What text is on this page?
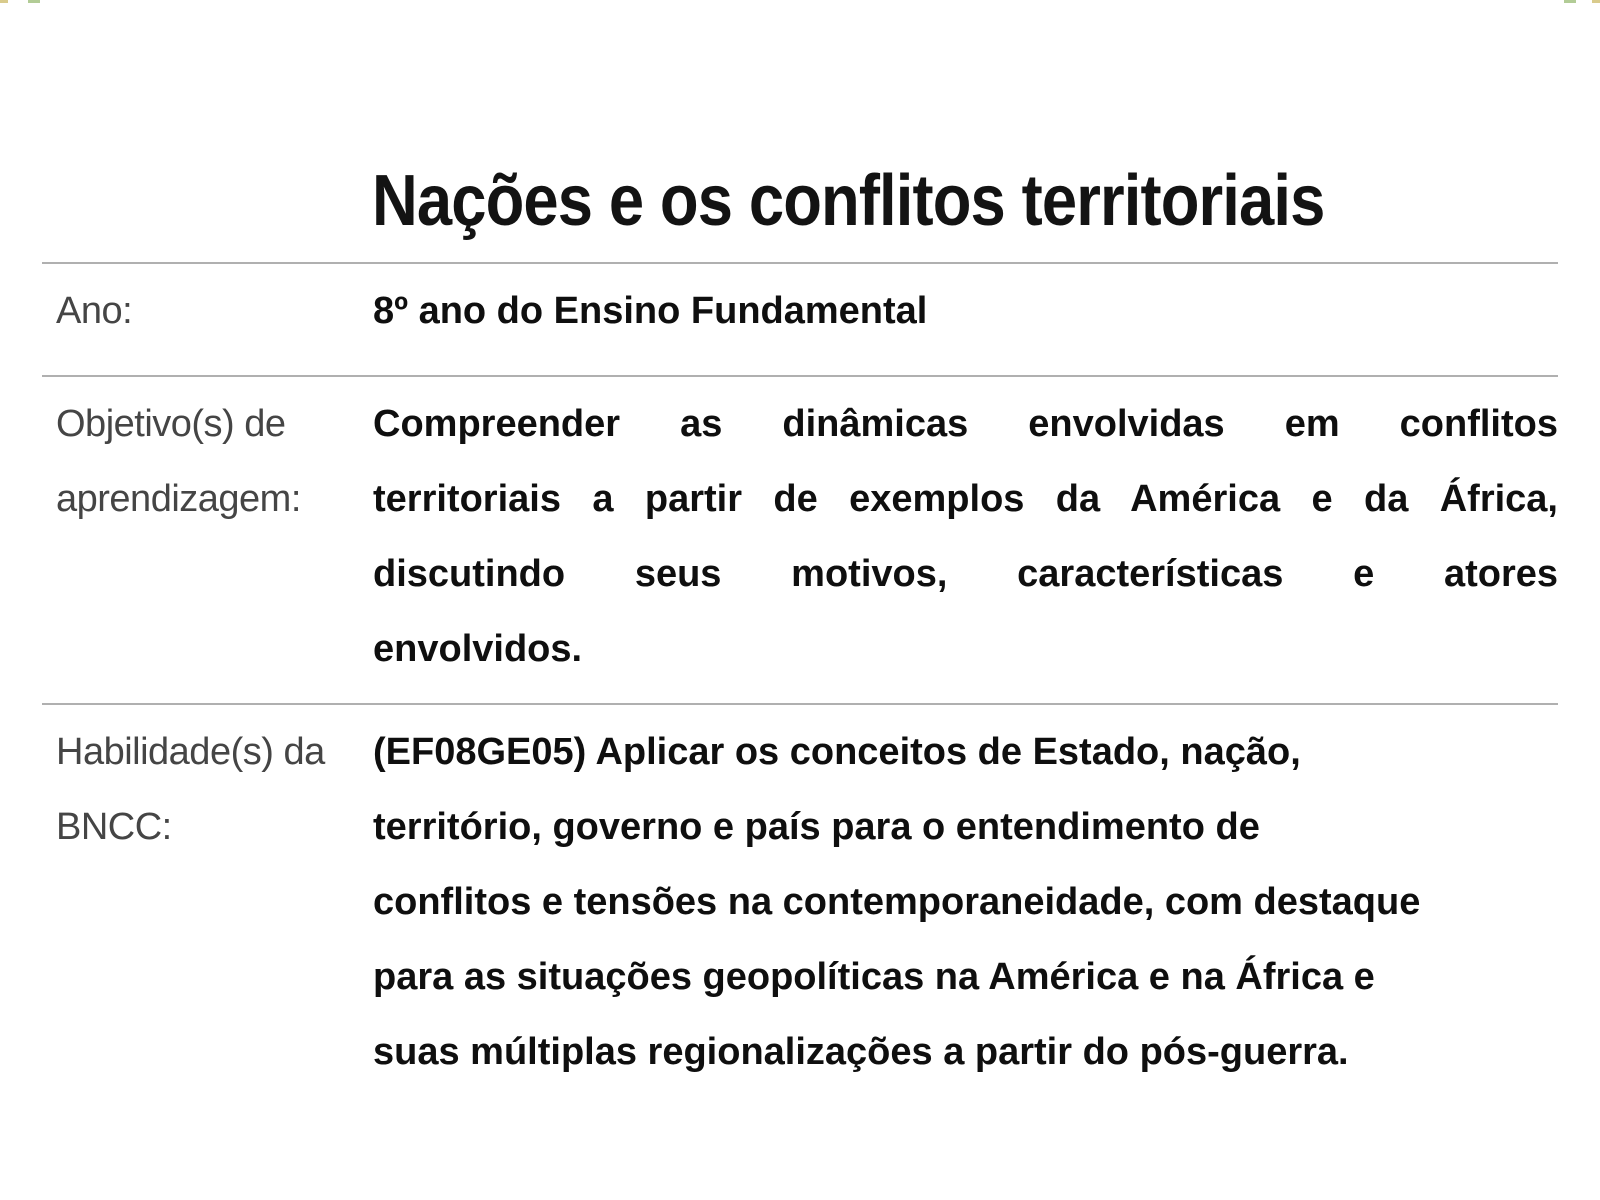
Nações e os conflitos territoriais
Ano:	8º ano do Ensino Fundamental
Objetivo(s) de aprendizagem:
Compreender as dinâmicas envolvidas em conflitos
territoriais a partir de exemplos da América e da África,
discutindo seus motivos, características e atores
envolvidos.
Habilidade(s) da BNCC:
(EF08GE05) Aplicar os conceitos de Estado, nação,
território, governo e país para o entendimento de
conflitos e tensões na contemporaneidade, com destaque
para as situações geopolíticas na América e na África e
suas múltiplas regionalizações a partir do pós-guerra.
